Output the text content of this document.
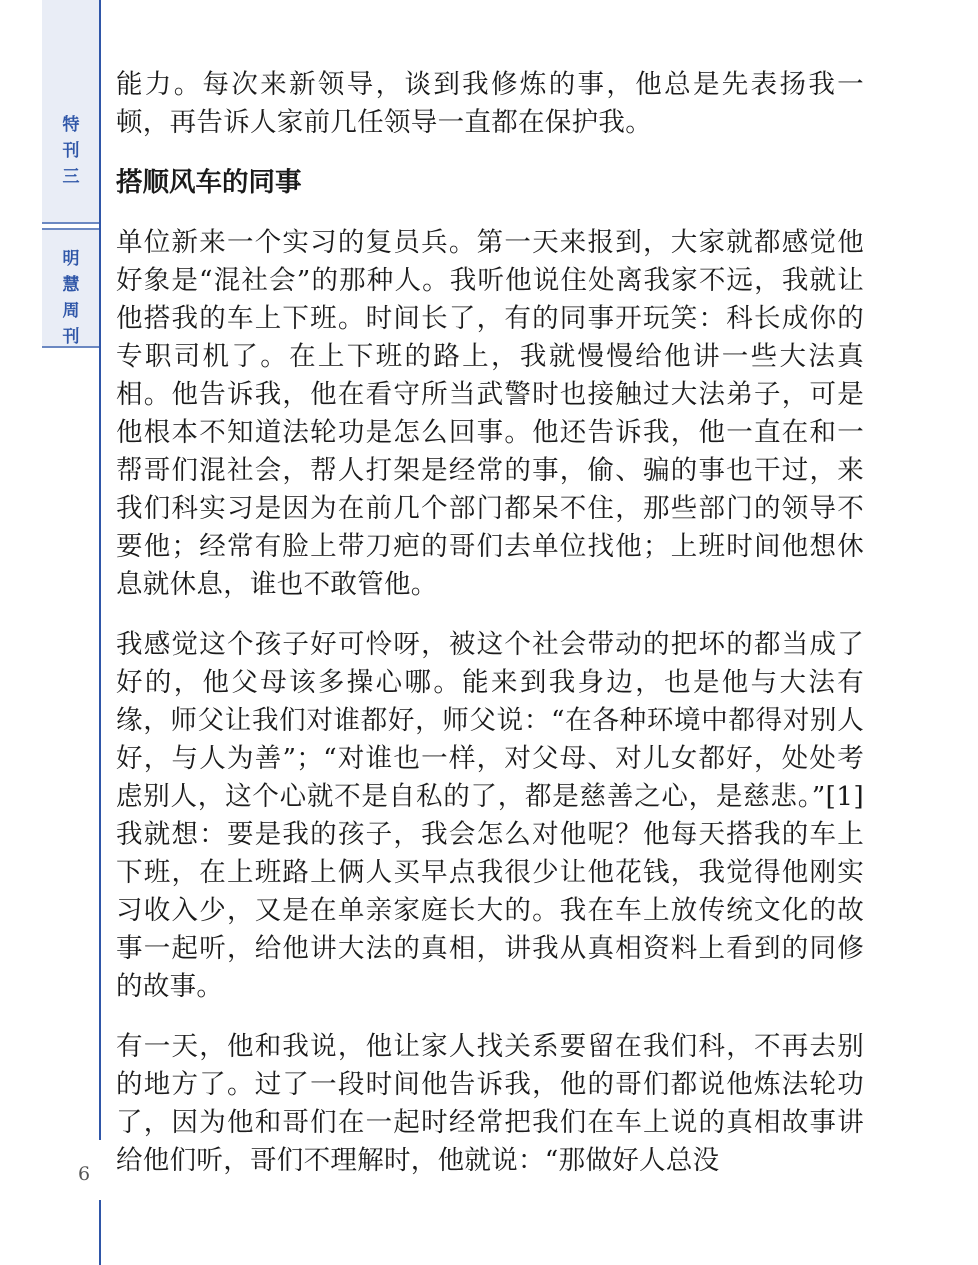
特
刊
三
明
慧
周
刊
6

能力。每次来新领导，谈到我修炼的事，他总是先表扬我一顿，再告诉人家前几任领导一直都在保护我。

搭顺风车的同事

单位新来一个实习的复员兵。第一天来报到，大家就都感觉他好象是“混社会”的那种人。我听他说住处离我家不远，我就让他搭我的车上下班。时间长了，有的同事开玩笑：科长成你的专职司机了。在上下班的路上，我就慢慢给他讲一些大法真相。他告诉我，他在看守所当武警时也接触过大法弟子，可是他根本不知道法轮功是怎么回事。他还告诉我，他一直在和一帮哥们混社会，帮人打架是经常的事，偷、骗的事也干过，来我们科实习是因为在前几个部门都呆不住，那些部门的领导不要他；经常有脸上带刀疤的哥们去单位找他；上班时间他想休息就休息，谁也不敢管他。

我感觉这个孩子好可怜呀，被这个社会带动的把坏的都当成了好的，他父母该多操心哪。能来到我身边，也是他与大法有缘，师父让我们对谁都好，师父说：“在各种环境中都得对别人好，与人为善”；“对谁也一样，对父母、对儿女都好，处处考虑别人，这个心就不是自私的了，都是慈善之心，是慈悲。”[1] 我就想：要是我的孩子，我会怎么对他呢？他每天搭我的车上下班，在上班路上俩人买早点我很少让他花钱，我觉得他刚实习收入少，又是在单亲家庭长大的。我在车上放传统文化的故事一起听，给他讲大法的真相，讲我从真相资料上看到的同修的故事。

有一天，他和我说，他让家人找关系要留在我们科，不再去别的地方了。过了一段时间他告诉我，他的哥们都说他炼法轮功了，因为他和哥们在一起时经常把我们在车上说的真相故事讲给他们听，哥们不理解时，他就说：“那做好人总没
